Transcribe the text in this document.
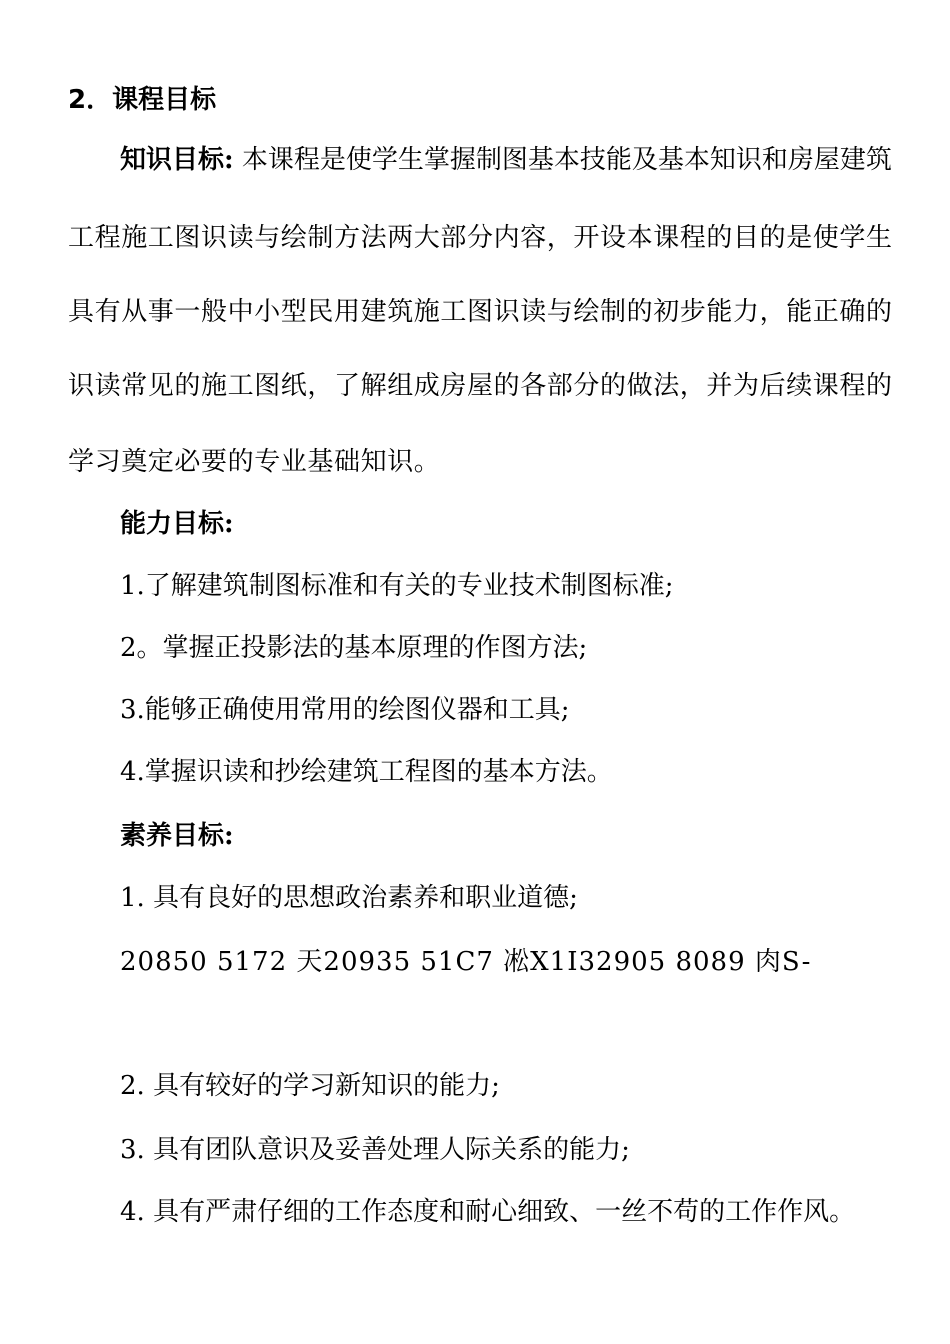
2．课程目标
知识目标: 本课程是使学生掌握制图基本技能及基本知识和房屋建筑
工程施工图识读与绘制方法两大部分内容，开设本课程的目的是使学生
具有从事一般中小型民用建筑施工图识读与绘制的初步能力，能正确的
识读常见的施工图纸，了解组成房屋的各部分的做法，并为后续课程的
学习奠定必要的专业基础知识。
能力目标:
1.了解建筑制图标准和有关的专业技术制图标准;
2。掌握正投影法的基本原理的作图方法;
3.能够正确使用常用的绘图仪器和工具;
4.掌握识读和抄绘建筑工程图的基本方法。
素养目标:
1. 具有良好的思想政治素养和职业道德;
20850 5172 天20935 51C7 凇X1I32905 8089 肉S-
2. 具有较好的学习新知识的能力;
3. 具有团队意识及妥善处理人际关系的能力;
4. 具有严肃仔细的工作态度和耐心细致、一丝不苟的工作作风。
